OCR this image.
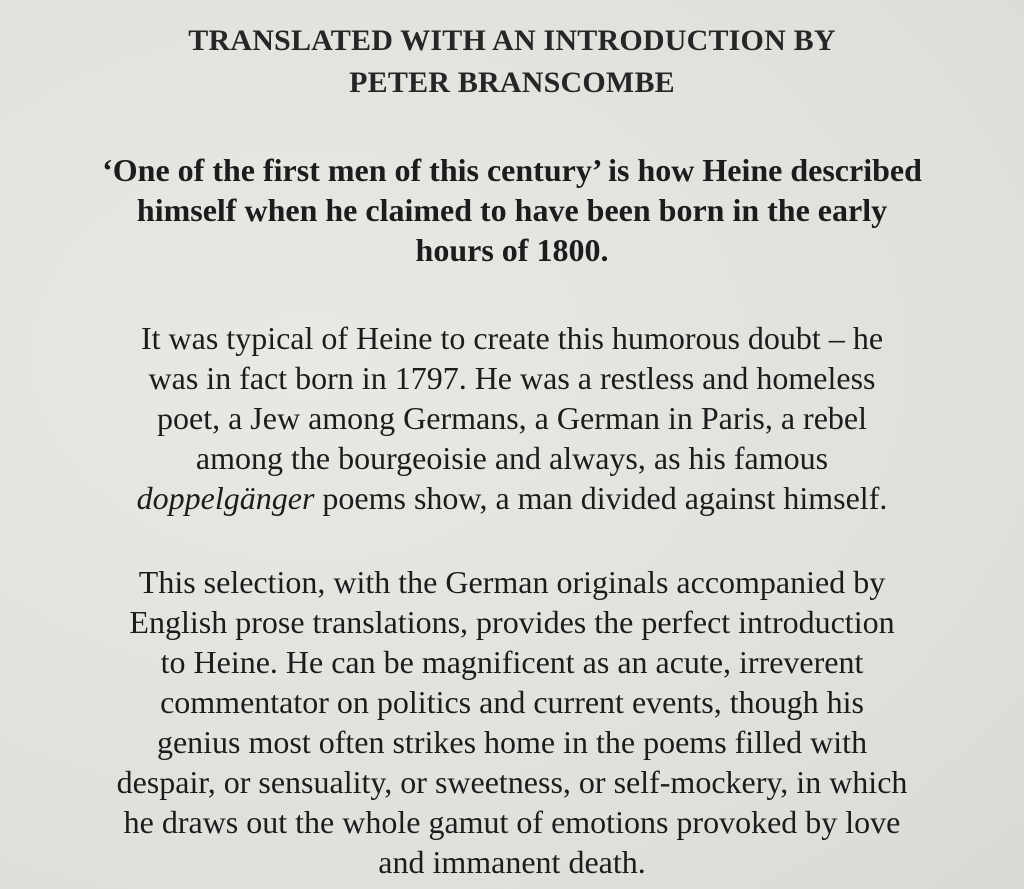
TRANSLATED WITH AN INTRODUCTION BY
PETER BRANSCOMBE
‘One of the first men of this century’ is how Heine described
himself when he claimed to have been born in the early
hours of 1800.
It was typical of Heine to create this humorous doubt – he
was in fact born in 1797. He was a restless and homeless
poet, a Jew among Germans, a German in Paris, a rebel
among the bourgeoisie and always, as his famous
doppelgänger poems show, a man divided against himself.
This selection, with the German originals accompanied by
English prose translations, provides the perfect introduction
to Heine. He can be magnificent as an acute, irreverent
commentator on politics and current events, though his
genius most often strikes home in the poems filled with
despair, or sensuality, or sweetness, or self-mockery, in which
he draws out the whole gamut of emotions provoked by love
and immanent death.
